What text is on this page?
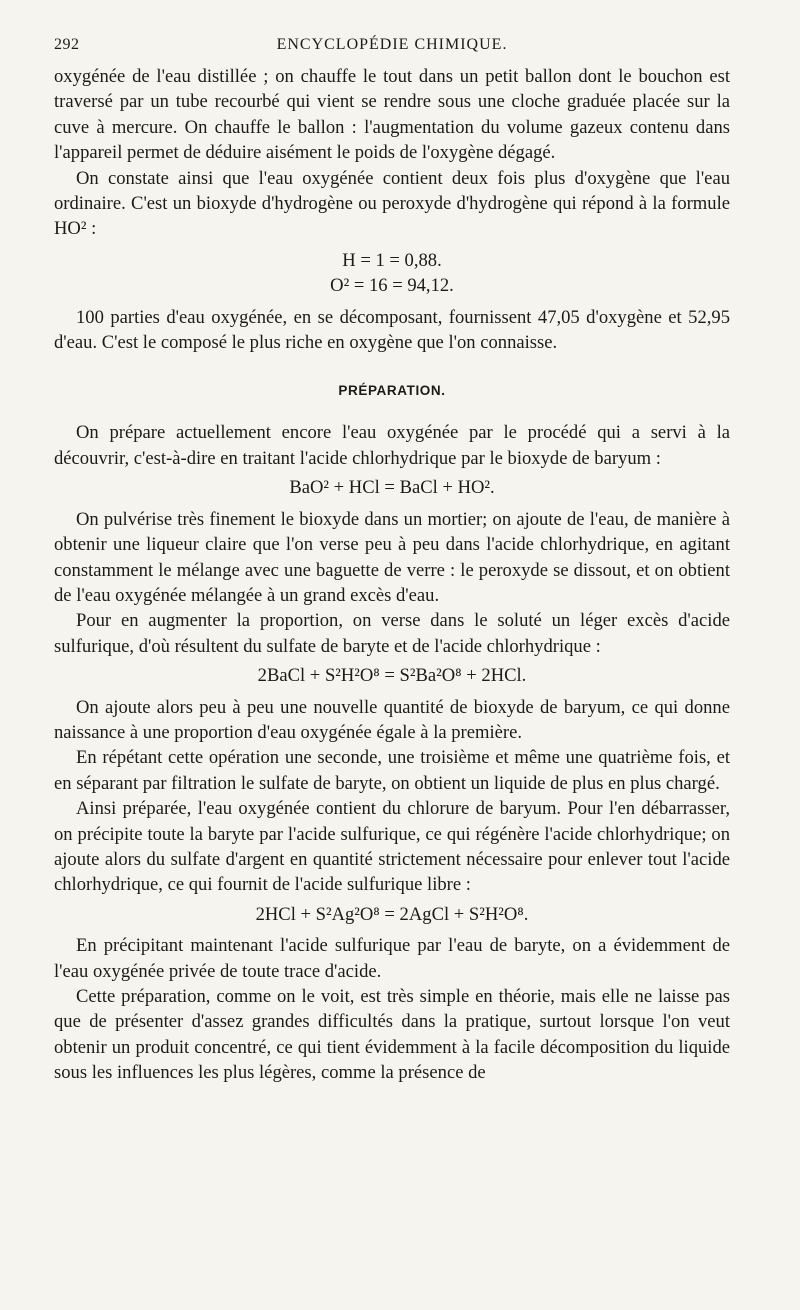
292	ENCYCLOPÉDIE CHIMIQUE.

oxygénée de l'eau distillée ; on chauffe le tout dans un petit ballon dont le bouchon est traversé par un tube recourbé qui vient se rendre sous une cloche graduée placée sur la cuve à mercure. On chauffe le ballon : l'augmentation du volume gazeux contenu dans l'appareil permet de déduire aisément le poids de l'oxygène dégagé.

On constate ainsi que l'eau oxygénée contient deux fois plus d'oxygène que l'eau ordinaire. C'est un bioxyde d'hydrogène ou peroxyde d'hydrogène qui répond à la formule HO² :

H = 1 = 0,88.
O² = 16 = 94,12.

100 parties d'eau oxygénée, en se décomposant, fournissent 47,05 d'oxygène et 52,95 d'eau. C'est le composé le plus riche en oxygène que l'on connaisse.

PRÉPARATION.

On prépare actuellement encore l'eau oxygénée par le procédé qui a servi à la découvrir, c'est-à-dire en traitant l'acide chlorhydrique par le bioxyde de baryum :

BaO² + HCl = BaCl + HO².

On pulvérise très finement le bioxyde dans un mortier; on ajoute de l'eau, de manière à obtenir une liqueur claire que l'on verse peu à peu dans l'acide chlorhydrique, en agitant constamment le mélange avec une baguette de verre : le peroxyde se dissout, et on obtient de l'eau oxygénée mélangée à un grand excès d'eau.

Pour en augmenter la proportion, on verse dans le soluté un léger excès d'acide sulfurique, d'où résultent du sulfate de baryte et de l'acide chlorhydrique :

2BaCl + S²H²O⁸ = S²Ba²O⁸ + 2HCl.

On ajoute alors peu à peu une nouvelle quantité de bioxyde de baryum, ce qui donne naissance à une proportion d'eau oxygénée égale à la première.

En répétant cette opération une seconde, une troisième et même une quatrième fois, et en séparant par filtration le sulfate de baryte, on obtient un liquide de plus en plus chargé.

Ainsi préparée, l'eau oxygénée contient du chlorure de baryum. Pour l'en débarrasser, on précipite toute la baryte par l'acide sulfurique, ce qui régénère l'acide chlorhydrique; on ajoute alors du sulfate d'argent en quantité strictement nécessaire pour enlever tout l'acide chlorhydrique, ce qui fournit de l'acide sulfurique libre :

2HCl + S²Ag²O⁸ = 2AgCl + S²H²O⁸.

En précipitant maintenant l'acide sulfurique par l'eau de baryte, on a évidemment de l'eau oxygénée privée de toute trace d'acide.

Cette préparation, comme on le voit, est très simple en théorie, mais elle ne laisse pas que de présenter d'assez grandes difficultés dans la pratique, surtout lorsque l'on veut obtenir un produit concentré, ce qui tient évidemment à la facile décomposition du liquide sous les influences les plus légères, comme la présence de
